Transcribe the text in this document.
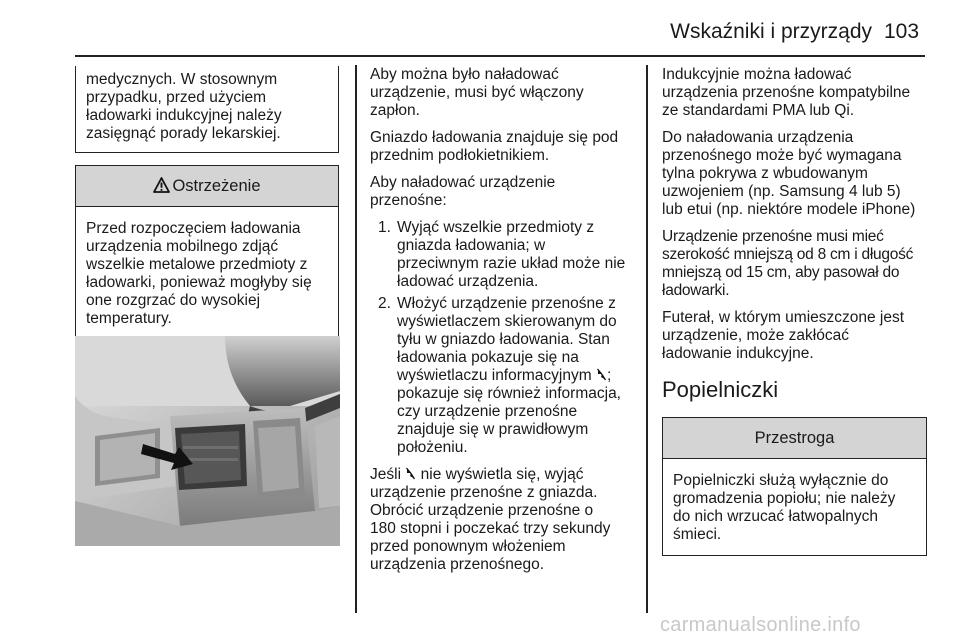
Wskaźniki i przyrządy 103
medycznych. W stosownym
przypadku, przed użyciem
ładowarki indukcyjnej należy
zasięgnąć porady lekarskiej.
Ostrzeżenie
Przed rozpoczęciem ładowania
urządzenia mobilnego zdjąć
wszelkie metalowe przedmioty z
ładowarki, ponieważ mogłyby się
one rozgrzać do wysokiej
temperatury.

Aby można było naładować
urządzenie, musi być włączony
zapłon.

Gniazdo ładowania znajduje się pod
przednim podłokietnikiem.

Aby naładować urządzenie
przenośne:

1. Wyjąć wszelkie przedmioty z
gniazda ładowania; w
przeciwnym razie układ może nie
ładować urządzenia.
2. Włożyć urządzenie przenośne z
wyświetlaczem skierowanym do
tyłu w gniazdo ładowania. Stan
ładowania pokazuje się na
wyświetlaczu informacyjnym ;
pokazuje się również informacja,
czy urządzenie przenośne
znajduje się w prawidłowym
położeniu.

Jeśli  nie wyświetla się, wyjąć
urządzenie przenośne z gniazda.
Obrócić urządzenie przenośne o
180 stopni i poczekać trzy sekundy
przed ponownym włożeniem
urządzenia przenośnego.

Indukcyjnie można ładować
urządzenia przenośne kompatybilne
ze standardami PMA lub Qi.

Do naładowania urządzenia
przenośnego może być wymagana
tylna pokrywa z wbudowanym
uzwojeniem (np. Samsung 4 lub 5)
lub etui (np. niektóre modele iPhone)

Urządzenie przenośne musi mieć
szerokość mniejszą od 8 cm i długość
mniejszą od 15 cm, aby pasował do
ładowarki.

Futerał, w którym umieszczone jest
urządzenie, może zakłócać
ładowanie indukcyjne.

Popielniczki
Przestroga
Popielniczki służą wyłącznie do
gromadzenia popiołu; nie należy
do nich wrzucać łatwopalnych
śmieci.
carmanualsonline.info
